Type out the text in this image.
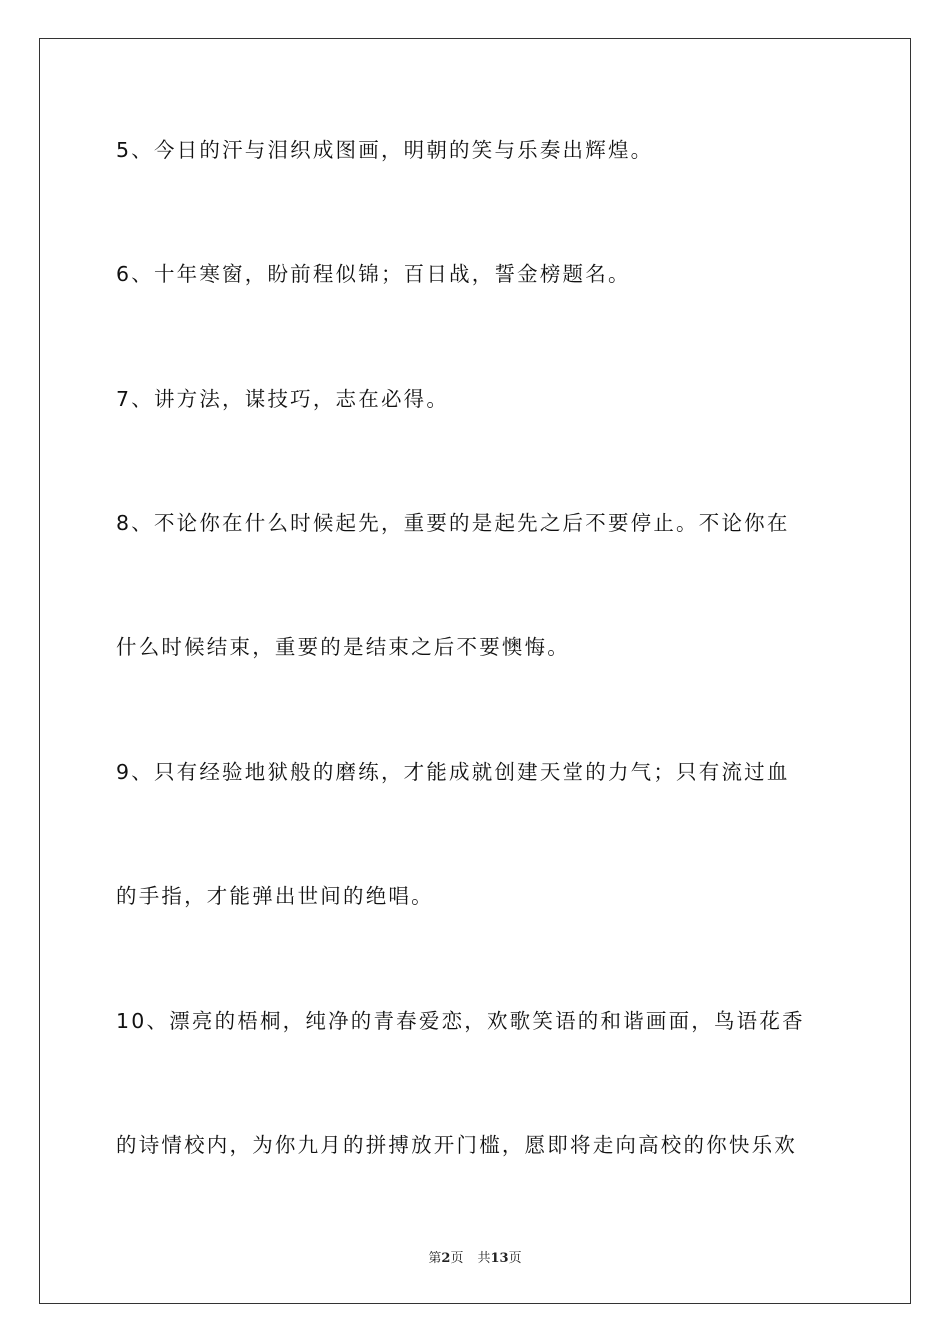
5、今日的汗与泪织成图画，明朝的笑与乐奏出辉煌。
6、十年寒窗，盼前程似锦；百日战，誓金榜题名。
7、讲方法，谋技巧，志在必得。
8、不论你在什么时候起先，重要的是起先之后不要停止。不论你在
什么时候结束，重要的是结束之后不要懊悔。
9、只有经验地狱般的磨练，才能成就创建天堂的力气；只有流过血
的手指，才能弹出世间的绝唱。
10、漂亮的梧桐，纯净的青春爱恋，欢歌笑语的和谐画面，鸟语花香
的诗情校内，为你九月的拼搏放开门槛，愿即将走向高校的你快乐欢
第2页 共13页
